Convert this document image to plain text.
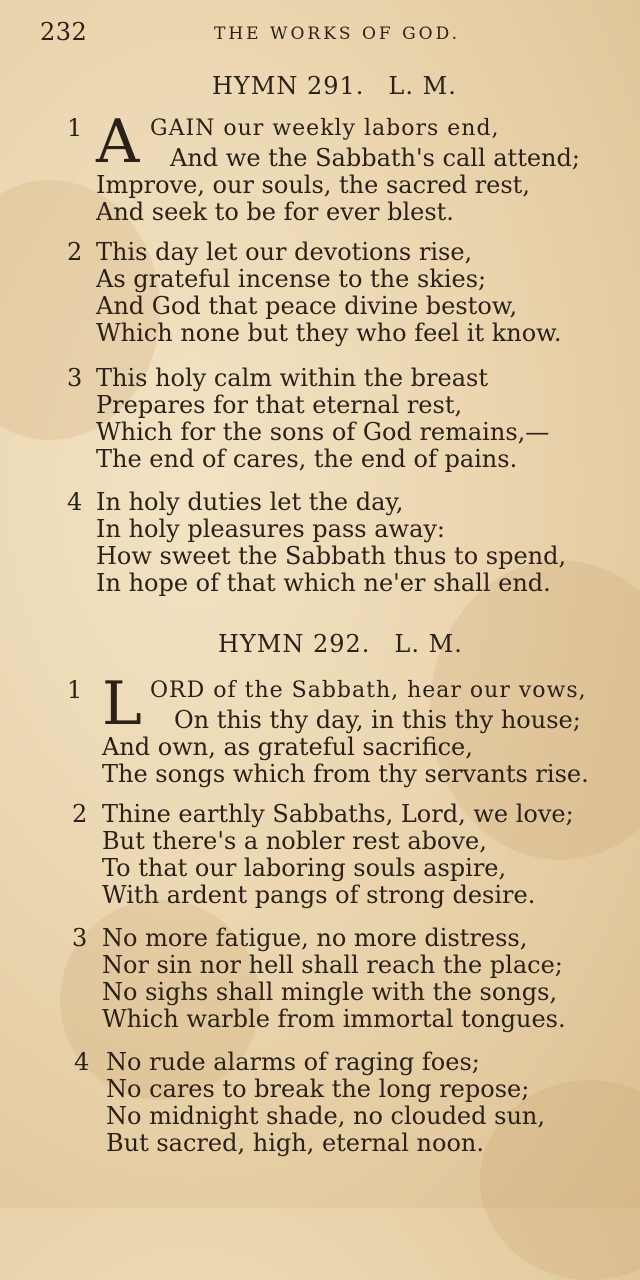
232	THE WORKS OF GOD.
HYMN 291. L. M.
1 A GAIN our weekly labors end,
And we the Sabbath's call attend;
Improve, our souls, the sacred rest,
And seek to be for ever blest.
2 This day let our devotions rise,
As grateful incense to the skies;
And God that peace divine bestow,
Which none but they who feel it know.
3 This holy calm within the breast
Prepares for that eternal rest,
Which for the sons of God remains,—
The end of cares, the end of pains.
4 In holy duties let the day,
In holy pleasures pass away:
How sweet the Sabbath thus to spend,
In hope of that which ne'er shall end.
HYMN 292. L. M.
1 L ORD of the Sabbath, hear our vows,
On this thy day, in this thy house;
And own, as grateful sacrifice,
The songs which from thy servants rise.
2 Thine earthly Sabbaths, Lord, we love;
But there's a nobler rest above,
To that our laboring souls aspire,
With ardent pangs of strong desire.
3 No more fatigue, no more distress,
Nor sin nor hell shall reach the place;
No sighs shall mingle with the songs,
Which warble from immortal tongues.
4 No rude alarms of raging foes;
No cares to break the long repose;
No midnight shade, no clouded sun,
But sacred, high, eternal noon.
